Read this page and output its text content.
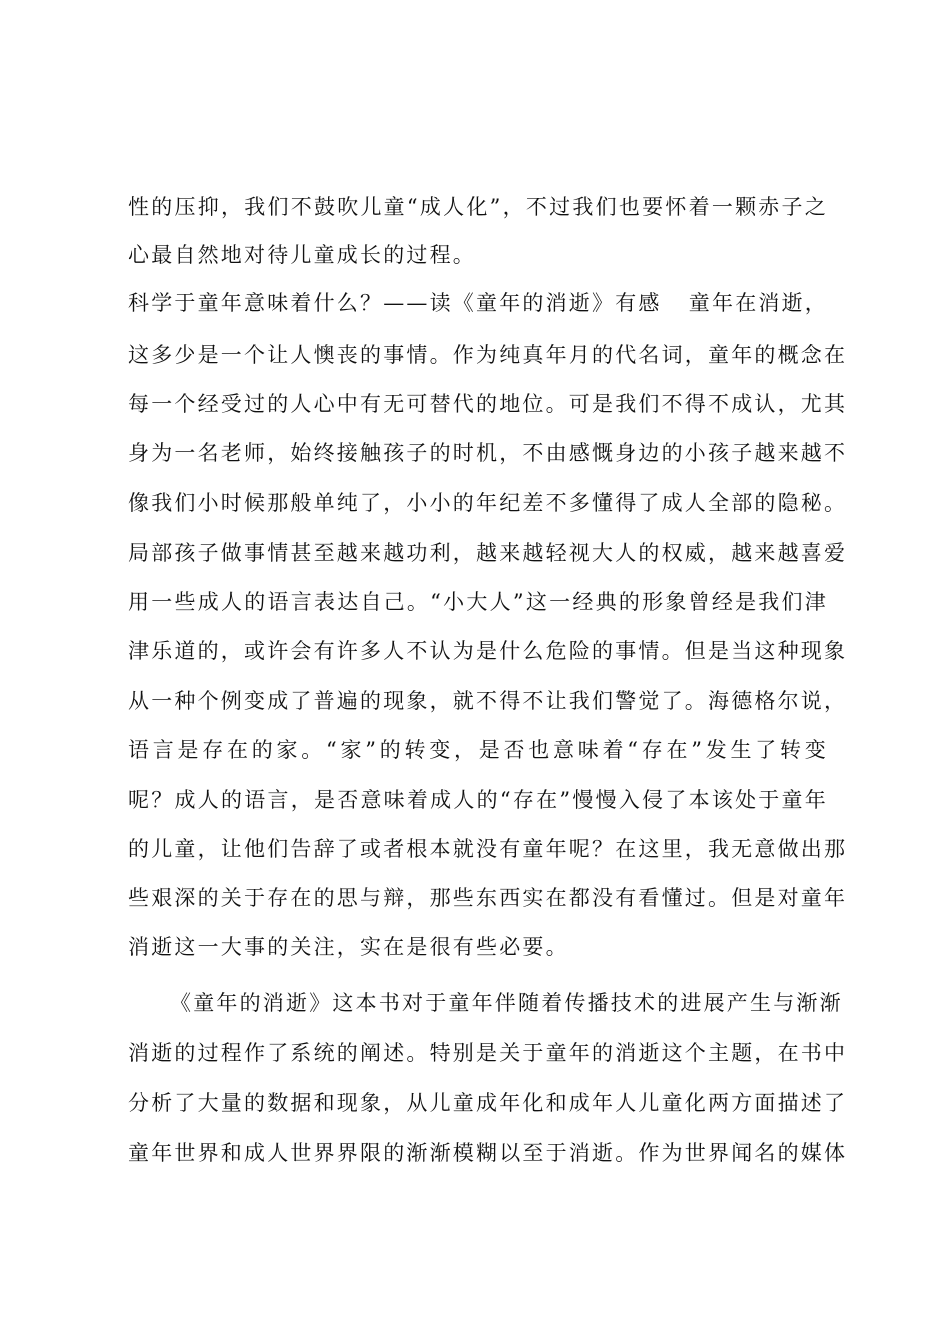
性的压抑，我们不鼓吹儿童“成人化”，不过我们也要怀着一颗赤子之
心最自然地对待儿童成长的过程。
科学于童年意味着什么？——读《童年的消逝》有感 童年在消逝，
这多少是一个让人懊丧的事情。作为纯真年月的代名词，童年的概念在
每一个经受过的人心中有无可替代的地位。可是我们不得不成认，尤其
身为一名老师，始终接触孩子的时机，不由感慨身边的小孩子越来越不
像我们小时候那般单纯了，小小的年纪差不多懂得了成人全部的隐秘。
局部孩子做事情甚至越来越功利，越来越轻视大人的权威，越来越喜爱
用一些成人的语言表达自己。“小大人”这一经典的形象曾经是我们津
津乐道的，或许会有许多人不认为是什么危险的事情。但是当这种现象
从一种个例变成了普遍的现象，就不得不让我们警觉了。海德格尔说，
语言是存在的家。“家”的转变，是否也意味着“存在”发生了转变
呢？成人的语言，是否意味着成人的“存在”慢慢入侵了本该处于童年
的儿童，让他们告辞了或者根本就没有童年呢？在这里，我无意做出那
些艰深的关于存在的思与辩，那些东西实在都没有看懂过。但是对童年
消逝这一大事的关注，实在是很有些必要。
《童年的消逝》这本书对于童年伴随着传播技术的进展产生与渐渐
消逝的过程作了系统的阐述。特别是关于童年的消逝这个主题，在书中
分析了大量的数据和现象，从儿童成年化和成年人儿童化两方面描述了
童年世界和成人世界界限的渐渐模糊以至于消逝。作为世界闻名的媒体
